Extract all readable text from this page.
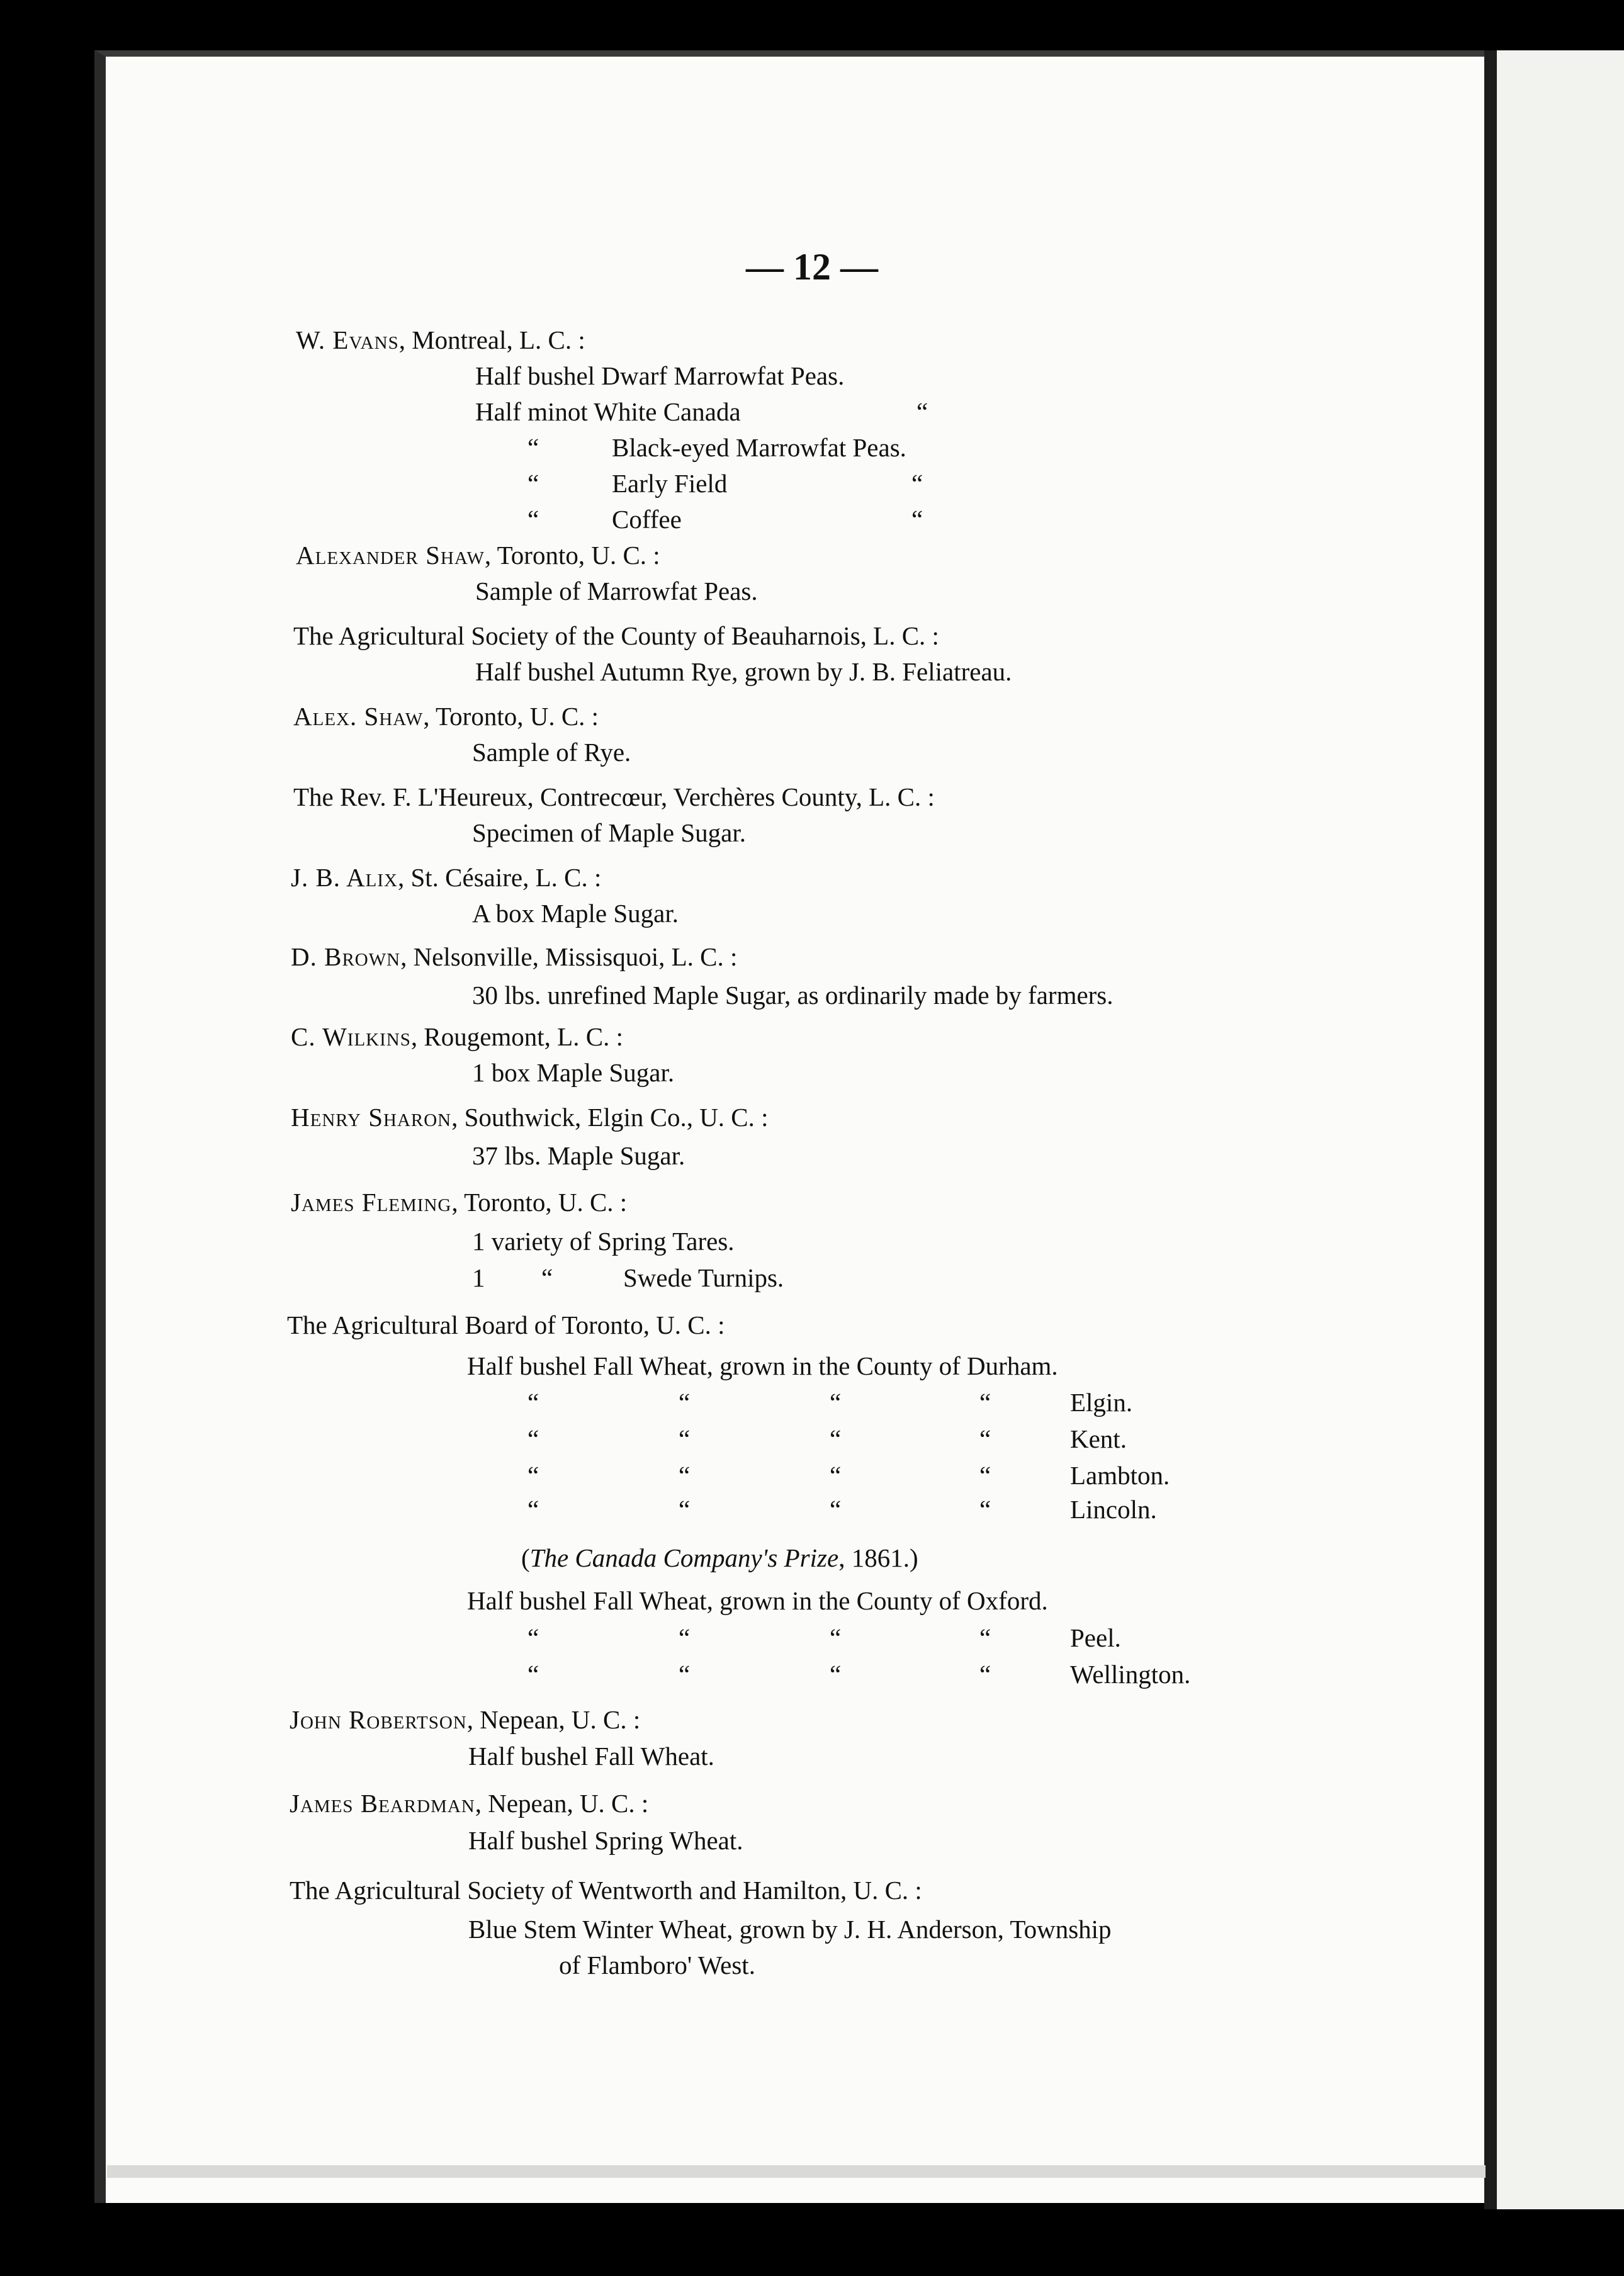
— 12 —
W. Evans, Montreal, L. C. :
Half bushel Dwarf Marrowfat Peas.
Half minot White Canada	“
“	Black-eyed Marrowfat Peas.
“	Early Field	“
“	Coffee	“
Alexander Shaw, Toronto, U. C. :
Sample of Marrowfat Peas.
The Agricultural Society of the County of Beauharnois, L. C. :
Half bushel Autumn Rye, grown by J. B. Feliatreau.
Alex. Shaw, Toronto, U. C. :
Sample of Rye.
The Rev. F. L'Heureux, Contrecœur, Verchères County, L. C. :
Specimen of Maple Sugar.
J. B. Alix, St. Césaire, L. C. :
A box Maple Sugar.
D. Brown, Nelsonville, Missisquoi, L. C. :
30 lbs. unrefined Maple Sugar, as ordinarily made by farmers.
C. Wilkins, Rougemont, L. C. :
1 box Maple Sugar.
Henry Sharon, Southwick, Elgin Co., U. C. :
37 lbs. Maple Sugar.
James Fleming, Toronto, U. C. :
1 variety of Spring Tares.
1 “	Swede Turnips.
The Agricultural Board of Toronto, U. C. :
Half bushel Fall Wheat, grown in the County of Durham.
“	“	“	“	Elgin.
“	“	“	“	Kent.
“	“	“	“	Lambton.
“	“	“	“	Lincoln.
(The Canada Company's Prize, 1861.)
Half bushel Fall Wheat, grown in the County of Oxford.
“	“	“	“	Peel.
“	“	“	“	Wellington.
John Robertson, Nepean, U. C. :
Half bushel Fall Wheat.
James Beardman, Nepean, U. C. :
Half bushel Spring Wheat.
The Agricultural Society of Wentworth and Hamilton, U. C. :
Blue Stem Winter Wheat, grown by J. H. Anderson, Township
of Flamboro' West.
